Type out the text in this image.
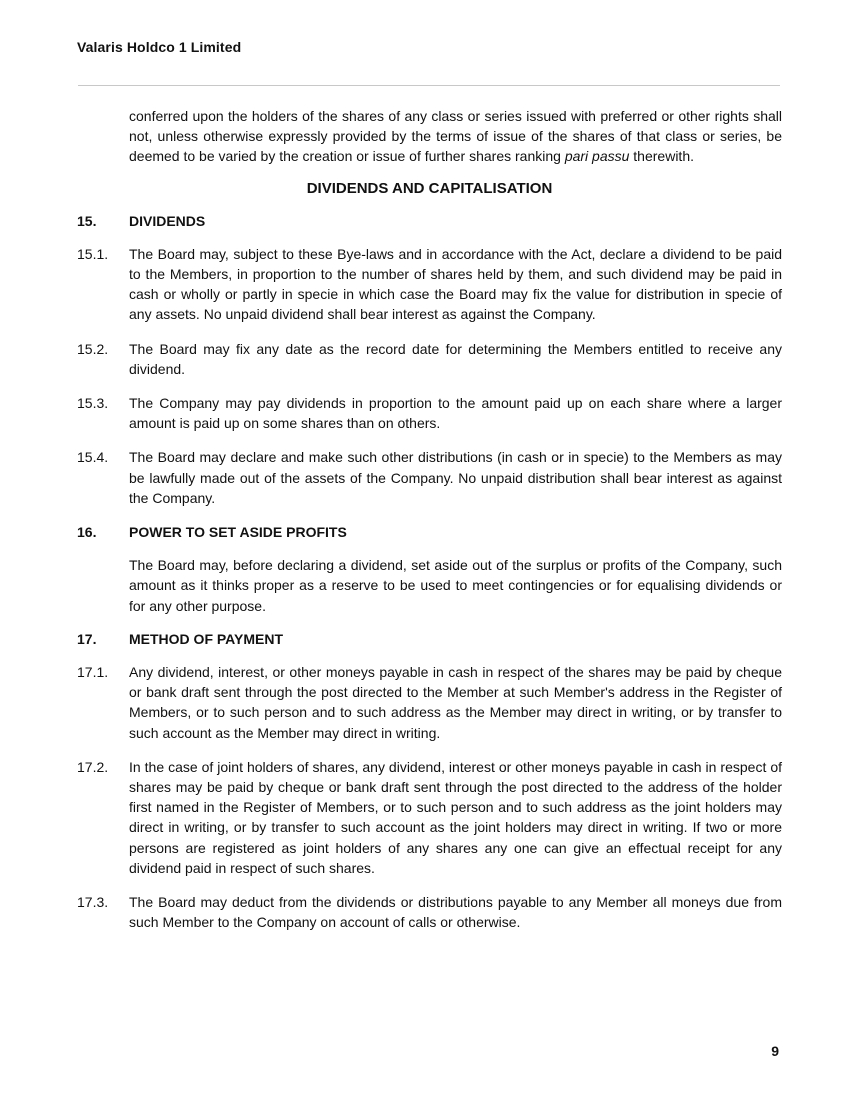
Valaris Holdco 1 Limited

conferred upon the holders of the shares of any class or series issued with preferred or other rights shall not, unless otherwise expressly provided by the terms of issue of the shares of that class or series, be deemed to be varied by the creation or issue of further shares ranking pari passu therewith.

DIVIDENDS AND CAPITALISATION
15.	DIVIDENDS
15.1.	The Board may, subject to these Bye-laws and in accordance with the Act, declare a dividend to be paid to the Members, in proportion to the number of shares held by them, and such dividend may be paid in cash or wholly or partly in specie in which case the Board may fix the value for distribution in specie of any assets. No unpaid dividend shall bear interest as against the Company.
15.2.	The Board may fix any date as the record date for determining the Members entitled to receive any dividend.
15.3.	The Company may pay dividends in proportion to the amount paid up on each share where a larger amount is paid up on some shares than on others.
15.4.	The Board may declare and make such other distributions (in cash or in specie) to the Members as may be lawfully made out of the assets of the Company. No unpaid distribution shall bear interest as against the Company.
16.	POWER TO SET ASIDE PROFITS

The Board may, before declaring a dividend, set aside out of the surplus or profits of the Company, such amount as it thinks proper as a reserve to be used to meet contingencies or for equalising dividends or for any other purpose.

17.	METHOD OF PAYMENT
17.1.	Any dividend, interest, or other moneys payable in cash in respect of the shares may be paid by cheque or bank draft sent through the post directed to the Member at such Member's address in the Register of Members, or to such person and to such address as the Member may direct in writing, or by transfer to such account as the Member may direct in writing.
17.2.	In the case of joint holders of shares, any dividend, interest or other moneys payable in cash in respect of shares may be paid by cheque or bank draft sent through the post directed to the address of the holder first named in the Register of Members, or to such person and to such address as the joint holders may direct in writing, or by transfer to such account as the joint holders may direct in writing. If two or more persons are registered as joint holders of any shares any one can give an effectual receipt for any dividend paid in respect of such shares.
17.3.	The Board may deduct from the dividends or distributions payable to any Member all moneys due from such Member to the Company on account of calls or otherwise.

9
